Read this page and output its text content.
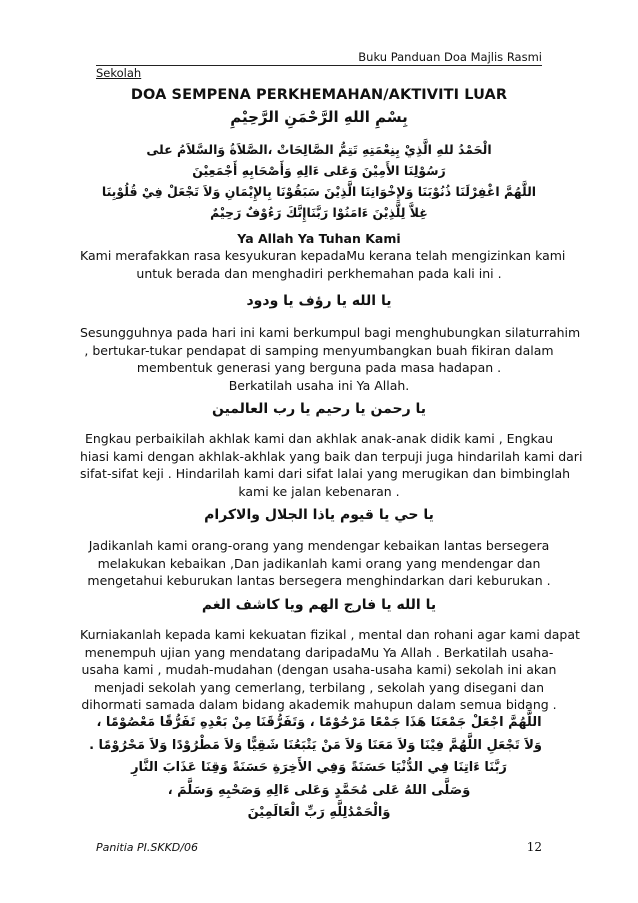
Buku Panduan Doa Majlis Rasmi
Sekolah
DOA SEMPENA PERKHEMAHAN/AKTIVITI LUAR
بِسْمِ اللهِ الرَّحْمَنِ الرَّحِيْمِ
الْحَمْدُ للهِ الَّذِيْ بِنِعْمَتِهِ تَتِمُّ الصَّالِحَاتْ ،الصَّلاَةُ وَالسَّلاَمُ على
رَسُوْلِنَا الأَمِيْنَ وَعَلى ءَالِهِ وَأَصْحَابِهِ أَجْمَعِيْنَ
اللَّهُمَّ اغْفِرْلَنَا ذُنُوْبَنَا وَلإِخْوَانِنَا الَّذِيْنَ سَبَقُوْنَا بِالإِيْمَانِ وَلاَ تَجْعَلْ فِيْ قُلُوْبِنَا
غِلاَّ لِلَّذِيْنَ ءَامَنُوْا رَبَّنَاإِنَّكَ رَءُوْفٌ رَحِيْمٌ
Ya Allah Ya Tuhan Kami
Kami merafakkan rasa kesyukuran kepadaMu kerana telah mengizinkan kami
untuk berada dan menghadiri perkhemahan pada kali ini .
يا الله يا رؤف يا ودود
Sesungguhnya pada hari ini kami berkumpul bagi menghubungkan silaturrahim
, bertukar-tukar pendapat di samping menyumbangkan buah fikiran dalam
membentuk generasi yang berguna pada masa hadapan .
Berkatilah usaha ini Ya Allah.
يا رحمن يا رحيم يا رب العالمين
Engkau perbaikilah akhlak kami dan akhlak anak-anak didik kami , Engkau
hiasi kami dengan akhlak-akhlak yang baik dan terpuji juga hindarilah kami dari
sifat-sifat keji . Hindarilah kami dari sifat lalai yang merugikan dan bimbinglah
kami ke jalan kebenaran .
يا حي يا قيوم ياذا الجلال والاكرام
Jadikanlah kami orang-orang yang mendengar kebaikan lantas bersegera
melakukan kebaikan ,Dan jadikanlah kami orang yang mendengar dan
mengetahui keburukan lantas bersegera menghindarkan dari keburukan .
يا الله يا فارج الهم ويا كاشف الغم
Kurniakanlah kepada kami kekuatan fizikal , mental dan rohani agar kami dapat
menempuh ujian yang mendatang daripadaMu Ya Allah . Berkatilah usaha-
usaha kami , mudah-mudahan (dengan usaha-usaha kami) sekolah ini akan
menjadi sekolah yang cemerlang, terbilang , sekolah yang disegani dan
dihormati samada dalam bidang akademik mahupun dalam semua bidang .
اللَّهُمَّ اجْعَلْ جَمْعَنَا هَذَا جَمْعًا مَرْحُوْمًا ، وَتَفَرُّقَنَا مِنْ بَعْدِهِ تَفَرُّقًا مَعْصُوْمًا ،
وَلاَ تَجْعَلِ اللَّهُمَّ فِيْنَا وَلاَ مَعَنَا وَلاَ مَنْ يَتْبَعُنَا شَقِيًّا وَلاَ مَطْرُوْدًا وَلاَ مَحْرُوْمًا .
رَبَّنَا ءَاتِنَا فِي الدُّنْيَا حَسَنَةً وَفِي الأَخِرَةِ حَسَنَةً وَقِنَا عَذَابَ النَّارِ
وَصَلَّى اللهُ عَلى مُحَمَّدٍ وَعَلى ءَالِهِ وَصَحْبِهِ وَسَلَّمَ ،
وَالْحَمْدُلِلَّهِ رَبِّ الْعَالَمِيْنَ
Panitia PI.SKKD/06	12
